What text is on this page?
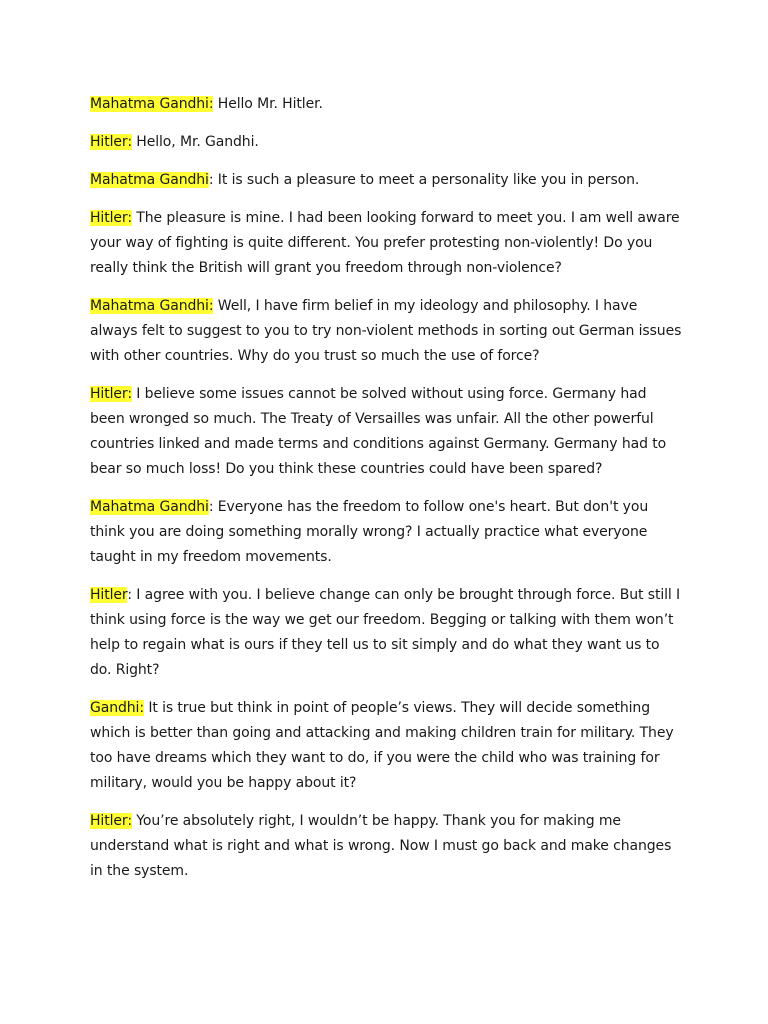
Mahatma Gandhi: Hello Mr. Hitler.

Hitler: Hello, Mr. Gandhi.

Mahatma Gandhi: It is such a pleasure to meet a personality like you in person.

Hitler: The pleasure is mine. I had been looking forward to meet you. I am well aware your way of fighting is quite different. You prefer protesting non-violently! Do you really think the British will grant you freedom through non-violence?

Mahatma Gandhi: Well, I have firm belief in my ideology and philosophy. I have always felt to suggest to you to try non-violent methods in sorting out German issues with other countries. Why do you trust so much the use of force?

Hitler: I believe some issues cannot be solved without using force. Germany had been wronged so much. The Treaty of Versailles was unfair. All the other powerful countries linked and made terms and conditions against Germany. Germany had to bear so much loss! Do you think these countries could have been spared?

Mahatma Gandhi: Everyone has the freedom to follow one's heart. But don't you think you are doing something morally wrong? I actually practice what everyone taught in my freedom movements.

Hitler: I agree with you. I believe change can only be brought through force. But still I think using force is the way we get our freedom. Begging or talking with them won’t help to regain what is ours if they tell us to sit simply and do what they want us to do. Right?

Gandhi: It is true but think in point of people’s views. They will decide something which is better than going and attacking and making children train for military. They too have dreams which they want to do, if you were the child who was training for military, would you be happy about it?

Hitler: You’re absolutely right, I wouldn’t be happy. Thank you for making me understand what is right and what is wrong. Now I must go back and make changes in the system.
